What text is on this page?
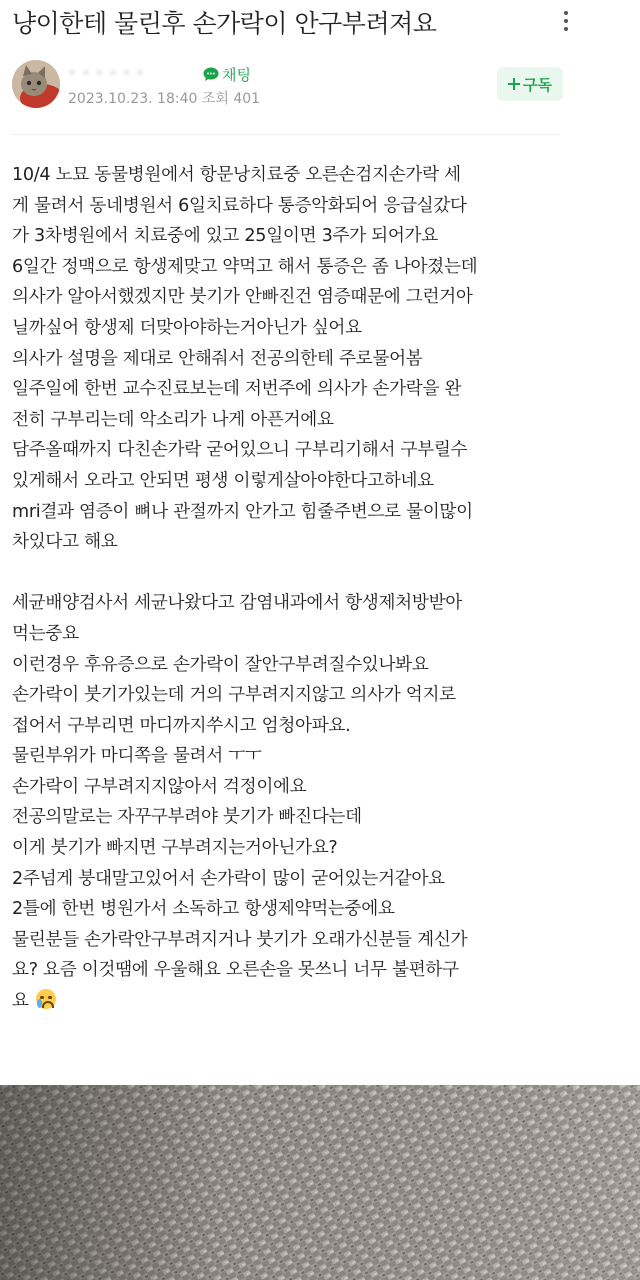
냥이한테 물린후 손가락이 안구부려져요
· · · · · ·	채팅
2023.10.23. 18:40 조회 401
구독
10/4 노묘 동물병원에서 항문낭치료중 오른손검지손가락 세
게 물려서 동네병원서 6일치료하다 통증악화되어 응급실갔다
가 3차병원에서 치료중에 있고 25일이면 3주가 되어가요
6일간 정맥으로 항생제맞고 약먹고 해서 통증은 좀 나아졌는데
의사가 알아서했겠지만 붓기가 안빠진건 염증때문에 그런거아
닐까싶어 항생제 더맞아야하는거아닌가 싶어요
의사가 설명을 제대로 안해줘서 전공의한테 주로물어봄
일주일에 한번 교수진료보는데 저번주에 의사가 손가락을 완
전히 구부리는데 악소리가 나게 아픈거에요
담주올때까지 다친손가락 굳어있으니 구부리기해서 구부릴수
있게해서 오라고 안되면 평생 이렇게살아야한다고하네요
mri결과 염증이 뼈나 관절까지 안가고 힘줄주변으로 물이많이
차있다고 해요
세균배양검사서 세균나왔다고 감염내과에서 항생제처방받아
먹는중요
이런경우 후유증으로 손가락이 잘안구부려질수있나봐요
손가락이 붓기가있는데 거의 구부려지지않고 의사가 억지로
접어서 구부리면 마디까지쑤시고 엄청아파요.
물린부위가 마디쪽을 물려서 ㅜㅜ
손가락이 구부려지지않아서 걱정이에요
전공의말로는 자꾸구부려야 붓기가 빠진다는데
이게 붓기가 빠지면 구부려지는거아닌가요?
2주넘게 붕대말고있어서 손가락이 많이 굳어있는거같아요
2틀에 한번 병원가서 소독하고 항생제약먹는중에요
물린분들 손가락안구부려지거나 붓기가 오래가신분들 계신가
요? 요즘 이것땜에 우울해요 오른손을 못쓰니 너무 불편하구
요
